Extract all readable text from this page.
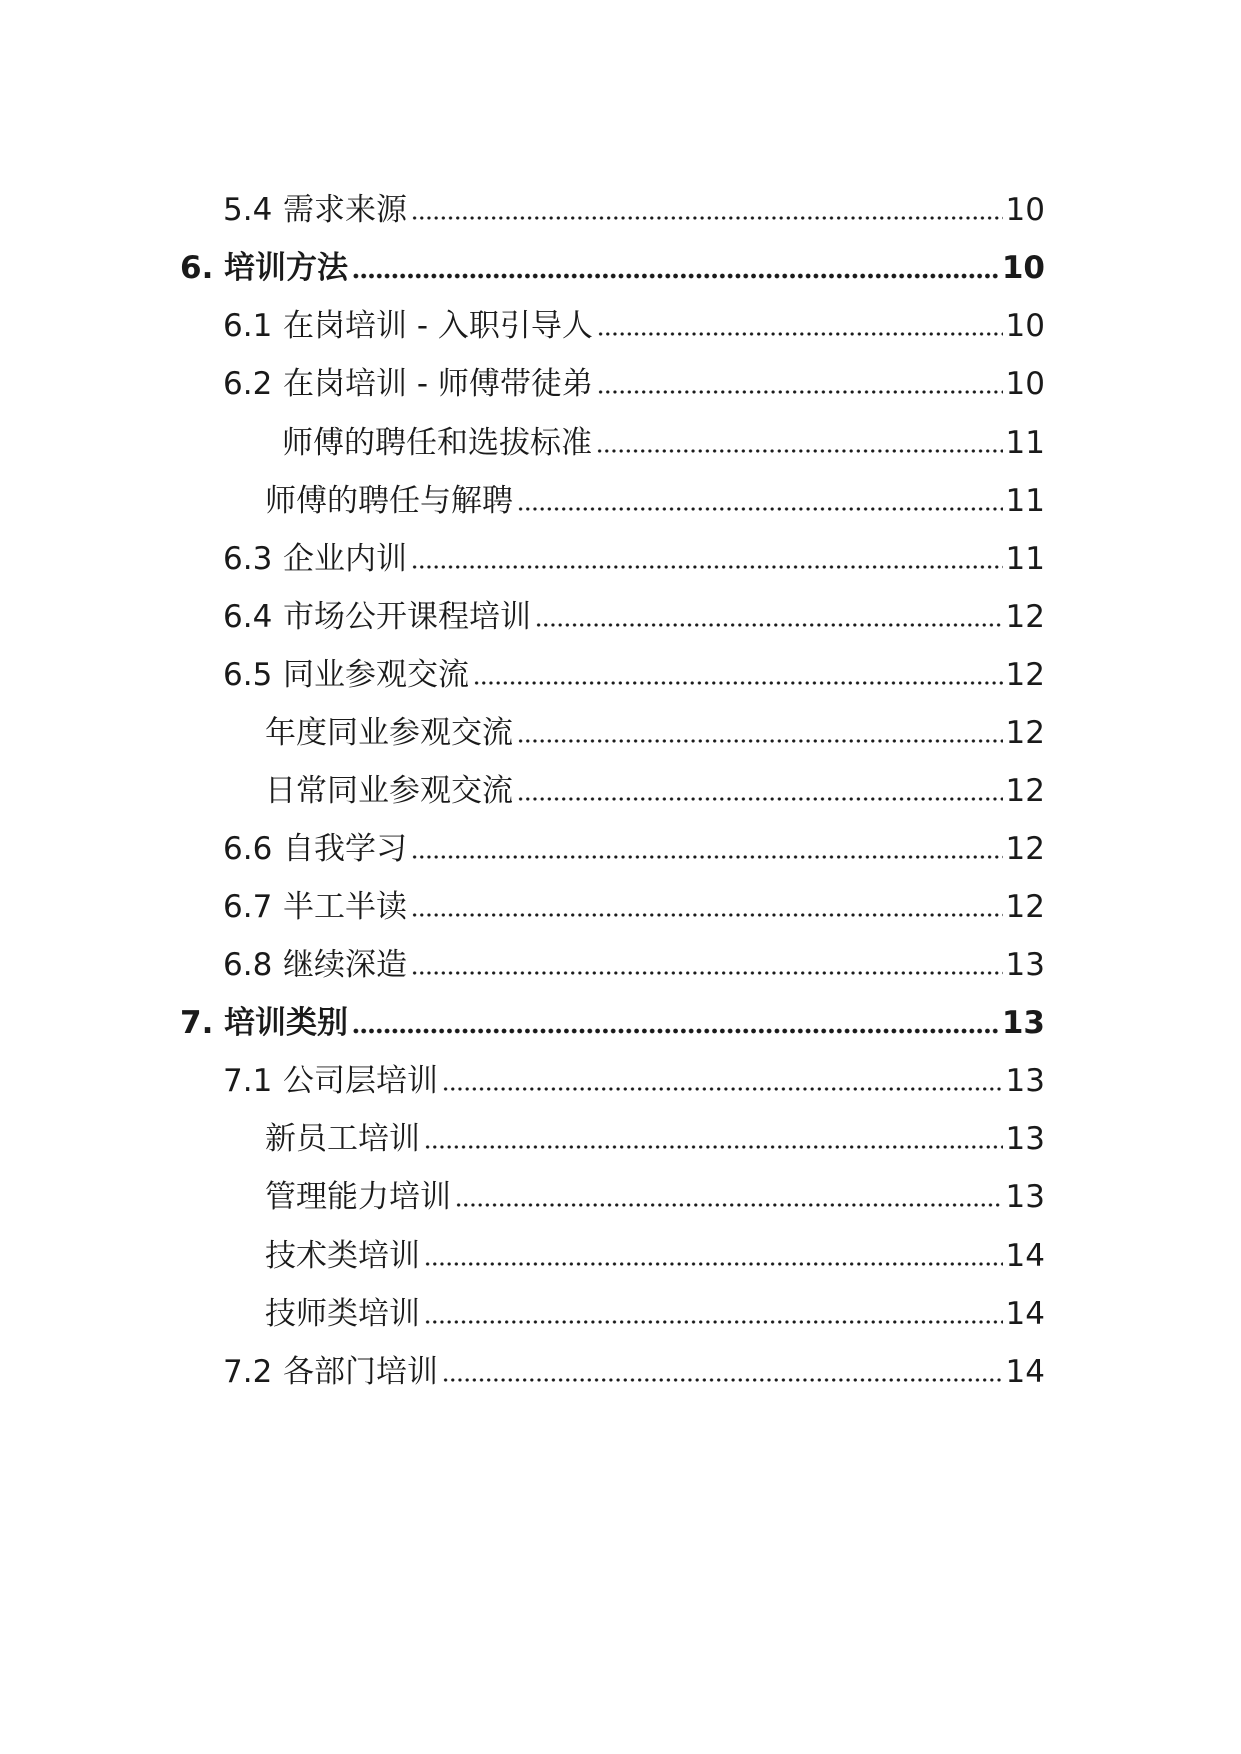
5.4 需求来源	10
6. 培训方法	10
6.1 在岗培训 - 入职引导人	10
6.2 在岗培训 - 师傅带徒弟	10
师傅的聘任和选拔标准	11
师傅的聘任与解聘	11
6.3 企业内训	11
6.4 市场公开课程培训	12
6.5 同业参观交流	12
年度同业参观交流	12
日常同业参观交流	12
6.6 自我学习	12
6.7 半工半读	12
6.8 继续深造	13
7. 培训类别	13
7.1 公司层培训	13
新员工培训	13
管理能力培训	13
技术类培训	14
技师类培训	14
7.2 各部门培训	14
